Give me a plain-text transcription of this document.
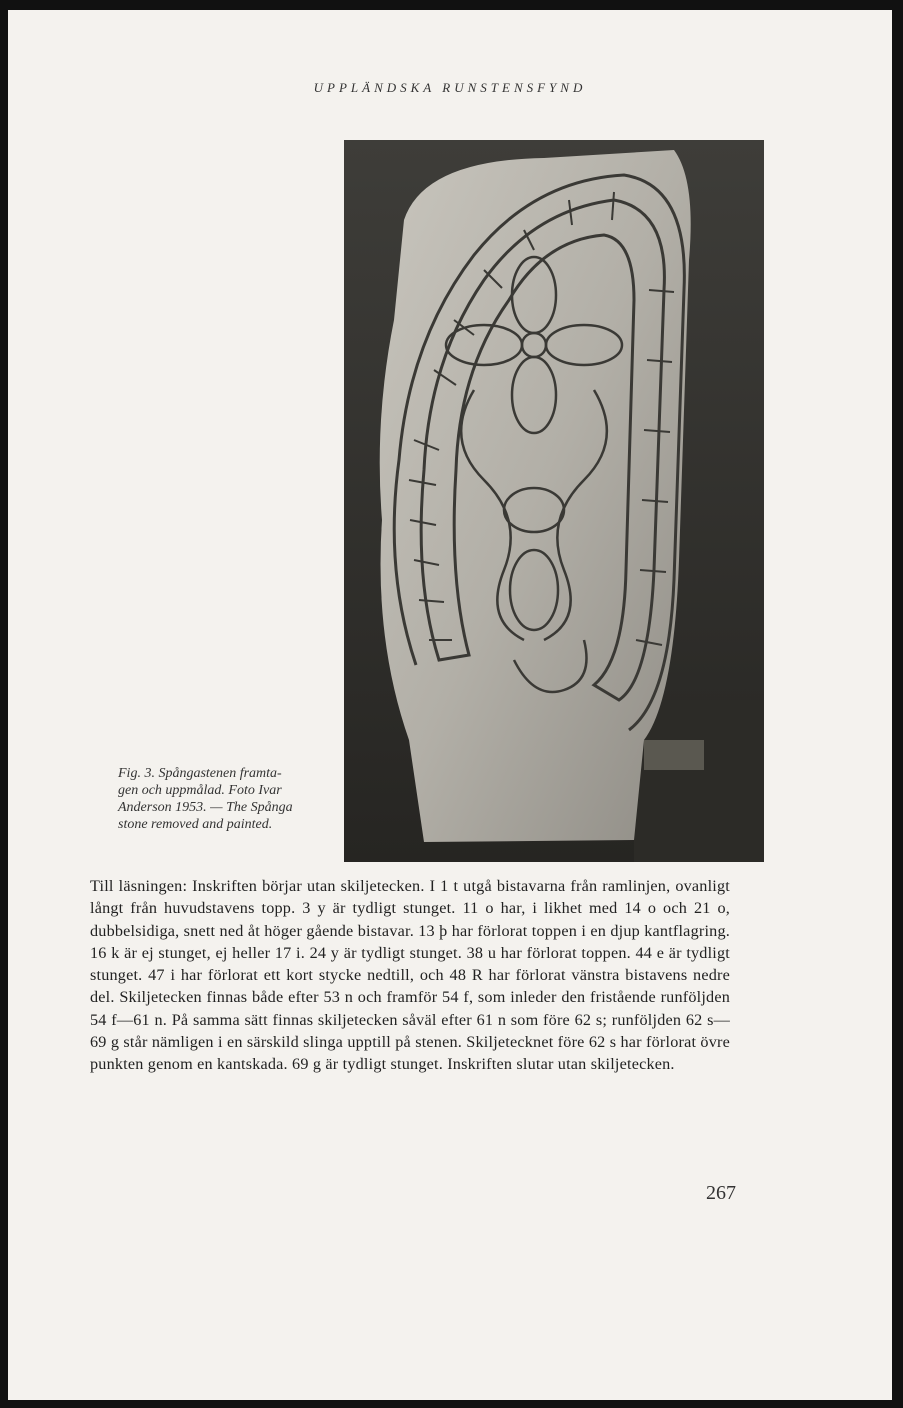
UPPLÄNDSKA RUNSTENSFYND
Fig. 3. Spångastenen framta-
gen och uppmålad. Foto Ivar
Anderson 1953. — The Spånga
stone removed and painted.
Till läsningen: Inskriften börjar utan skiljetecken. I 1 t utgå bistavarna från ramlinjen, ovanligt långt från huvudstavens topp. 3 y är tydligt stunget. 11 o har, i likhet med 14 o och 21 o, dubbelsidiga, snett ned åt höger gående bistavar. 13 þ har förlorat toppen i en djup kantflagring. 16 k är ej stunget, ej heller 17 i. 24 y är tydligt stunget. 38 u har förlorat toppen. 44 e är tydligt stunget. 47 i har förlorat ett kort stycke nedtill, och 48 R har förlorat vänstra bistavens nedre del. Skiljetecken finnas både efter 53 n och framför 54 f, som inleder den fristående runföljden 54 f—61 n. På samma sätt finnas skiljetecken såväl efter 61 n som före 62 s; runföljden 62 s—69 g står nämligen i en särskild slinga upptill på stenen. Skiljetecknet före 62 s har förlorat övre punkten genom en kantskada. 69 g är tydligt stunget. Inskriften slutar utan skiljetecken.
267
